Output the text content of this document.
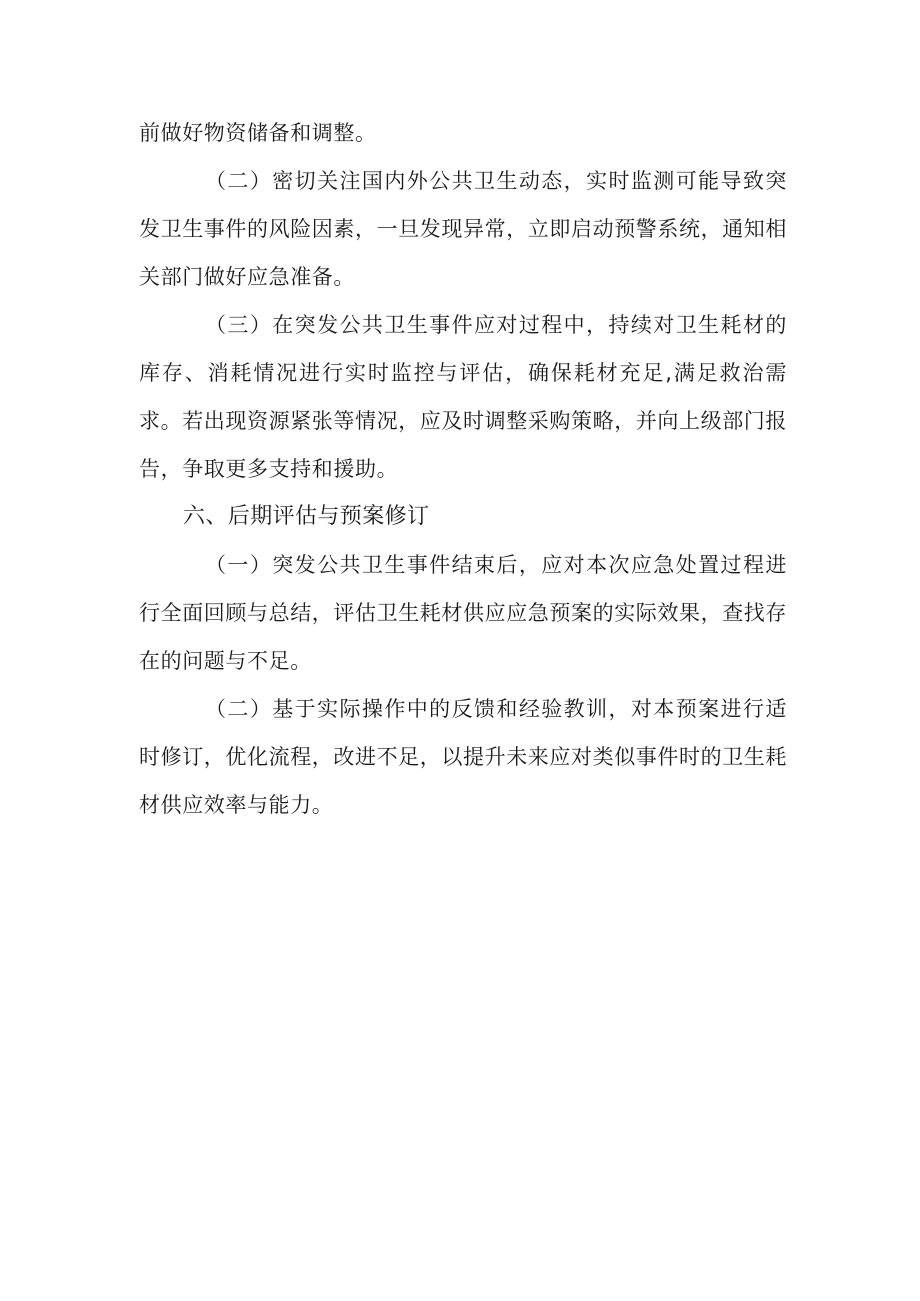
前做好物资储备和调整。

（二）密切关注国内外公共卫生动态，实时监测可能导致突发卫生事件的风险因素，一旦发现异常，立即启动预警系统，通知相关部门做好应急准备。

（三）在突发公共卫生事件应对过程中，持续对卫生耗材的库存、消耗情况进行实时监控与评估，确保耗材充足,满足救治需求。若出现资源紧张等情况，应及时调整采购策略，并向上级部门报告，争取更多支持和援助。

六、后期评估与预案修订

（一）突发公共卫生事件结束后，应对本次应急处置过程进行全面回顾与总结，评估卫生耗材供应应急预案的实际效果，查找存在的问题与不足。

（二）基于实际操作中的反馈和经验教训，对本预案进行适时修订，优化流程，改进不足，以提升未来应对类似事件时的卫生耗材供应效率与能力。
